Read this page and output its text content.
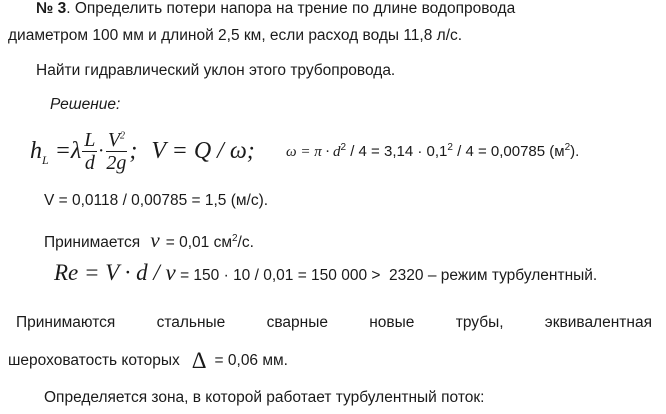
№ 3. Определить потери напора на трение по длине водопровода
диаметром 100 мм и длиной 2,5 км, если расход воды 11,8 л/с.
Найти гидравлический уклон этого трубопровода.
Решение:
$h_L =\lambda \frac{L}{d} \cdot \frac{V^2}{2g}$ ; V = Q / ω; $\omega = \pi \cdot d^2 / 4 = 3,14 \cdot 0,1^2 / 4 = 0,00785$ $(м^2)$.
V = 0,0118 / 0,00785 = 1,5 (м/с).
Принимается ν = 0,01 $см^2/с$.
Re = V · d / ν = 150 · 10 / 0,01 = 150 000 >  2320 – режим турбулентный.
Принимаются	стальные	сварные	новые	трубы,	эквивалентная
шероховатость которых Δ = 0,06 мм.
Определяется зона, в которой работает турбулентный поток:
